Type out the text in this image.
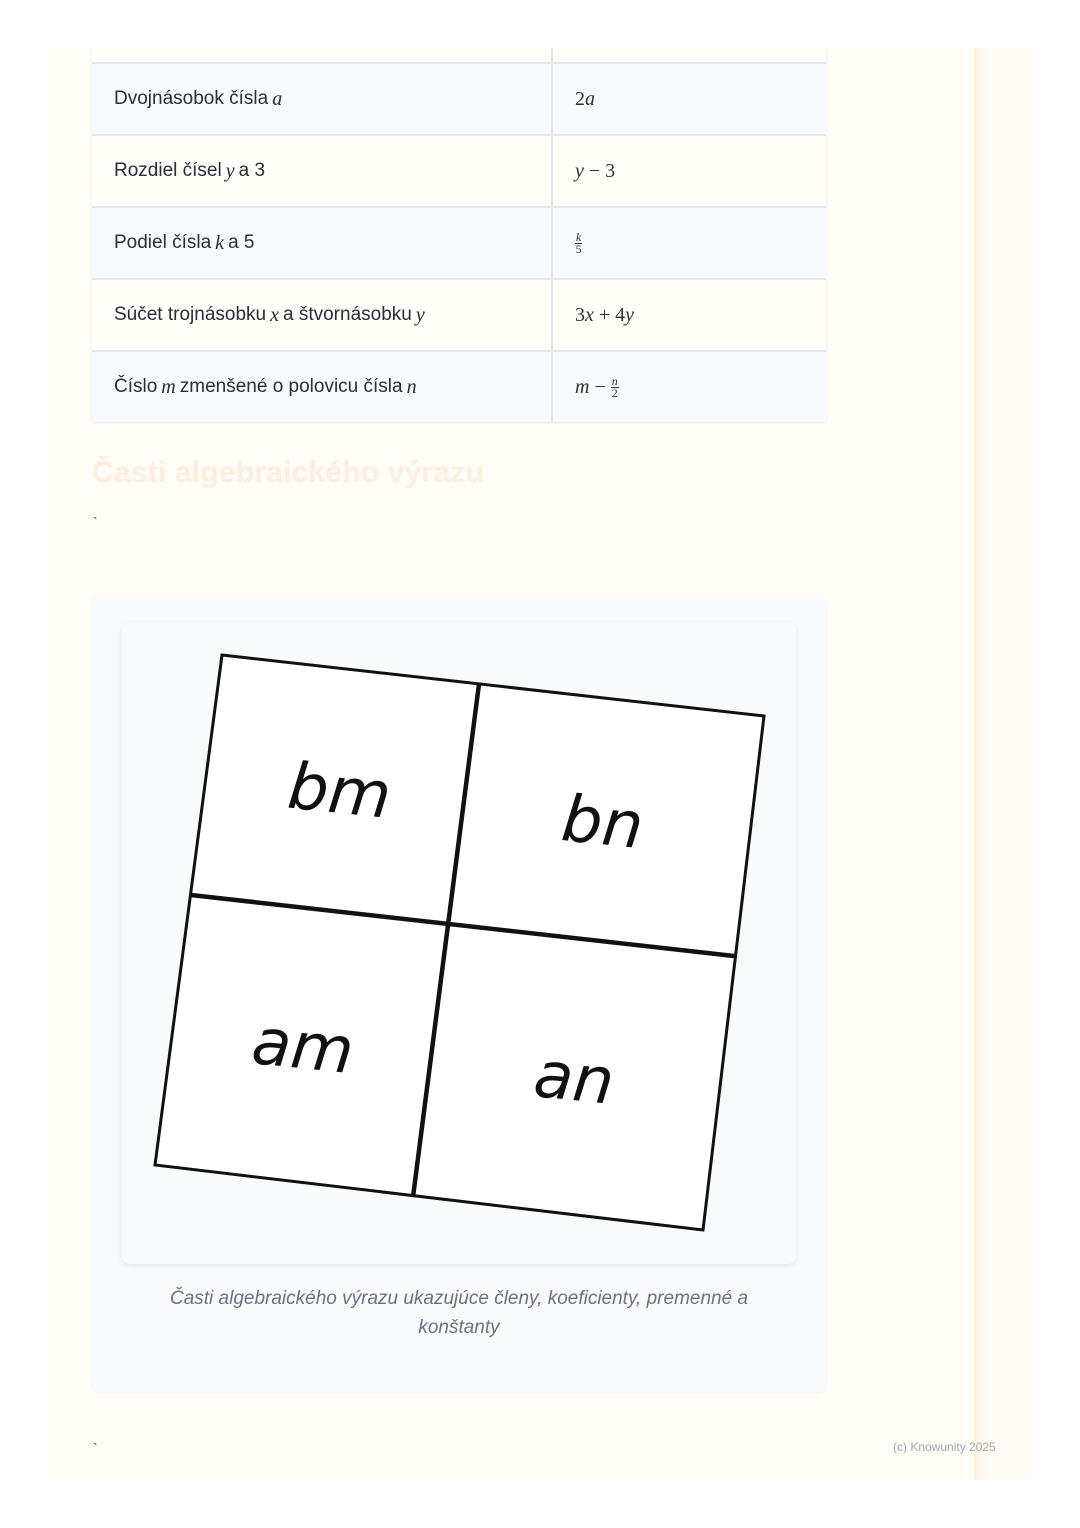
Dvojnásobok čísla a	2 a
Rozdiel čísel y a 3	y − 3
Podiel čísla k a 5	$\frac{k}{5}$
Súčet trojnásobku x a štvornásobku y	3 x + 4 y
Číslo m zmenšené o polovicu čísla n	$m - \frac{n}{2}$
Časti algebraického výrazu
`
bm	bn
am	an
Časti algebraického výrazu ukazujúce členy, koeficienty, premenné a konštanty
`	(c) Knowunity 2025
